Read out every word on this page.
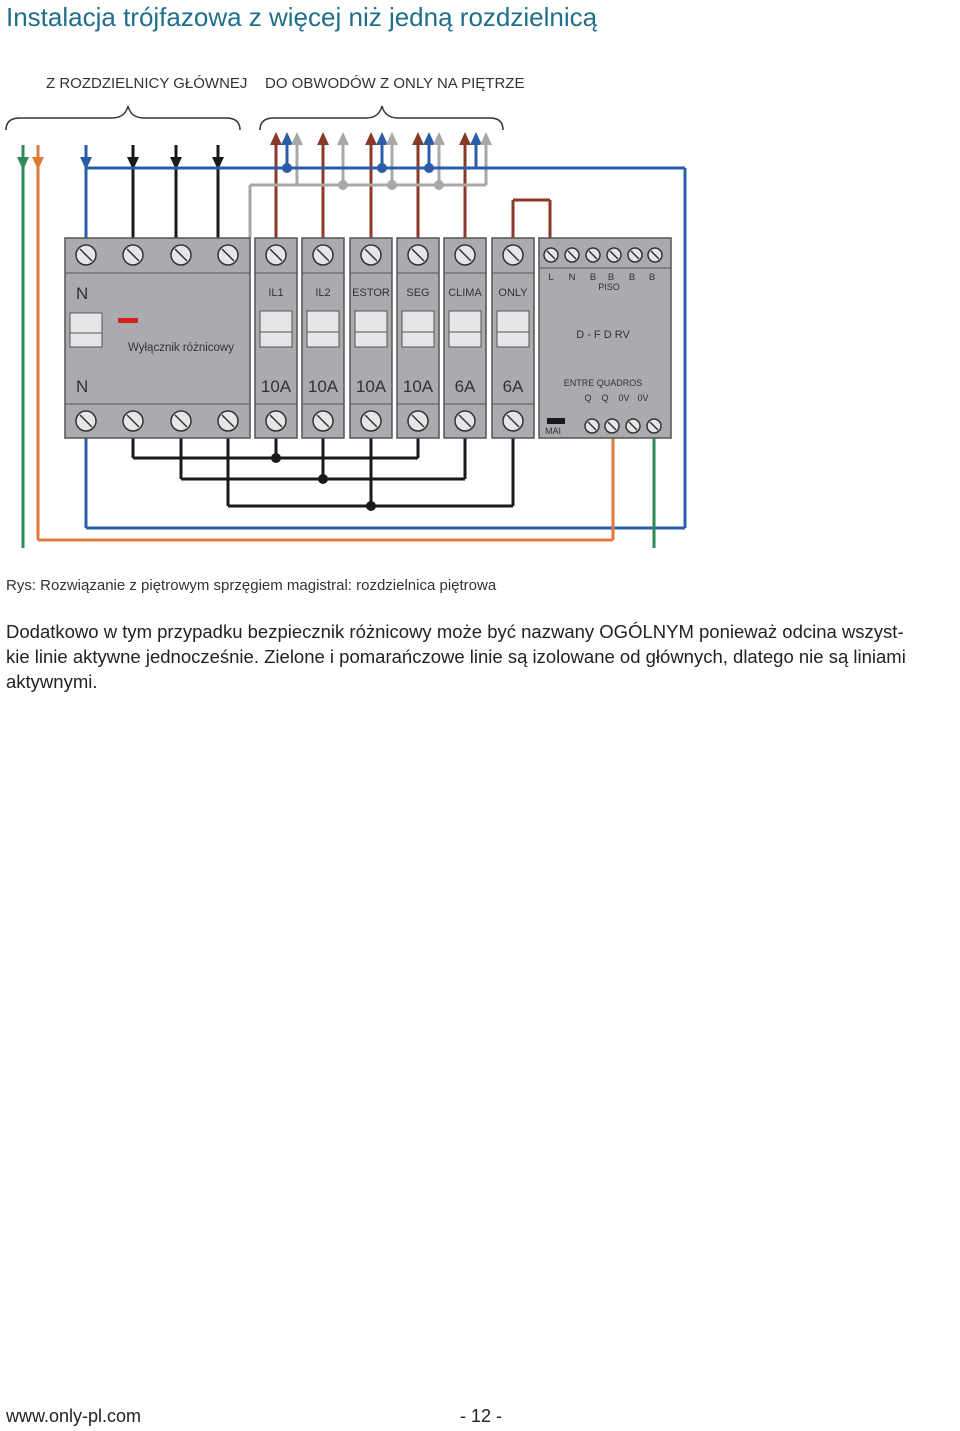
Instalacja trójfazowa z więcej niż jedną rozdzielnicą
Z ROZDZIELNICY GŁÓWNEJ DO OBWODÓW Z ONLY NA PIĘTRZE
N
Wyłącznik różnicowy
N
IL1
10A
IL2
10A
ESTOR
10A
SEG
10A
CLIMA
6A
ONLY
6A
L N B B B B
PISO
D - F D RV
ENTRE QUADROS
Q Q 0V 0V
MAI
Rys: Rozwiązanie z piętrowym sprzęgiem magistral: rozdzielnica piętrowa
Dodatkowo w tym przypadku bezpiecznik różnicowy może być nazwany OGÓLNYM ponieważ odcina wszyst-
kie linie aktywne jednocześnie. Zielone i pomarańczowe linie są izolowane od głównych, dlatego nie są liniami
aktywnymi.
www.only-pl.com	- 12 -
